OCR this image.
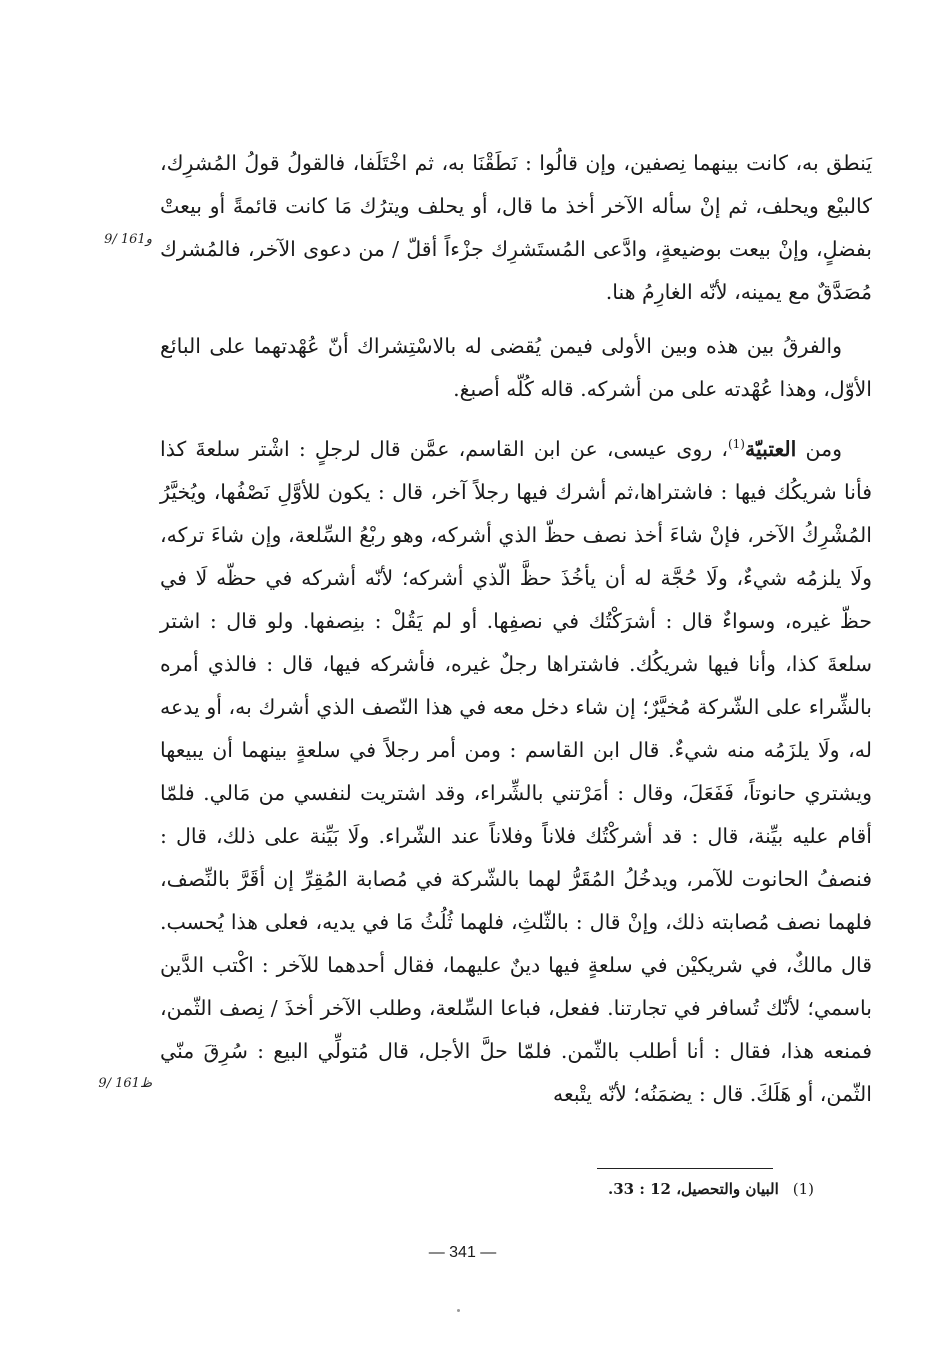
يَنطق به، كانت بينهما نِصفين، وإن قالُوا : نَطَقْنَا به، ثم اخْتَلَفا، فالقولُ قولُ المُشرِك، كالبيْع ويحلف، ثم إنْ سأله الآخر أخذ ما قال، أو يحلف ويترُك مَا كانت قائمةً أو بيعتْ بفضلٍ، وإنْ بيعت بوضيعةٍ، وادَّعى المُستَشرِك جزْءاً أقلّ / من دعوى الآخر، فالمُشرك مُصَدَّقٌ مع يمينه، لأنّه الغارِمُ هنا.

9/ 161و

والفرقُ بين هذه وبين الأولى فيمن يُقضى له بالاسْتِشراك أنّ عُهْدتهما على البائع الأوّل، وهذا عُهْدته على من أشركه. قاله كُلّه أصبغ.

ومن العتبيّة$^{(1)}$، روى عيسى، عن ابن القاسم، عمَّن قال لرجلٍ : اشْتر سلعةَ كذا فأنا شريكُك فيها : فاشتراها،ثم أشرك فيها رجلاً آخر، قال : يكون للأوَّلِ نَصْفُها، ويُخيَّرُ المُشْرِكُ الآخر، فإنْ شاءَ أخذ نصف حظّ الذي أشركه، وهو ربْعُ السِّلعة، وإن شاءَ تركه، ولَا يلزمُه شيءٌ، ولَا حُجَّة له أن يأخُذَ حظَّ الّذي أشركه؛ لأنّه أشركه في حظّه لَا في حظّ غيره، وسواءٌ قال : أشرَكْتُك في نصفِها. أو لم يَقُلْ : بنِصفها. ولو قال : اشتر سلعةَ كذا، وأنا فيها شريكُك. فاشتراها رجلٌ غيره، فأشركه فيها، قال : فالذي أمره بالشِّراء على الشّركة مُخيَّرٌ؛ إن شاء دخل معه في هذا النّصف الذي أشرك به، أو يدعه له، ولَا يلزَمُه منه شيءٌ. قال ابن القاسم : ومن أمر رجلاً في سلعةٍ بينهما أن يبيعها ويشتري حانوتاً، فَفَعَلَ، وقال : أمَرْتني بالشِّراء، وقد اشتريت لنفسي من مَالي. فلمّا أقام عليه بيِّنة، قال : قد أشركْتُك فلاناً وفلاناً عند الشّراء. ولَا بَيِّنة على ذلك، قال : فنصفُ الحانوت للآمر، ويدخُلُ المُقَرُّ لهما بالشّركة في مُصابة المُقِرِّ إن أقَرَّ بالنِّصف، فلهما نصف مُصابته ذلك، وإنْ قال : بالثّلثِ، فلهما ثُلُثُ مَا في يديه، فعلى هذا يُحسب. قال مالكٌ، في شريكيْن في سلعةٍ فيها دينٌ عليهما، فقال أحدهما للآخر : اكْتب الدَّين باسمي؛ لأنّك تُسافر في تجارتنا. ففعل، فباعا السِّلعة، وطلب الآخر أخذَ / نِصف الثّمن، فمنعه هذا، فقال : أنا أطلب بالثّمن. فلمّا حلَّ الأجل، قال مُتولِّي البيع : سُرِقَ منّي الثّمن، أو هَلَكَ. قال : يضمَنُه؛ لأنّه يتْبعه

9/ 161ظ
(1)البيان والتحصيل، 12 : 33.
— 341 —
